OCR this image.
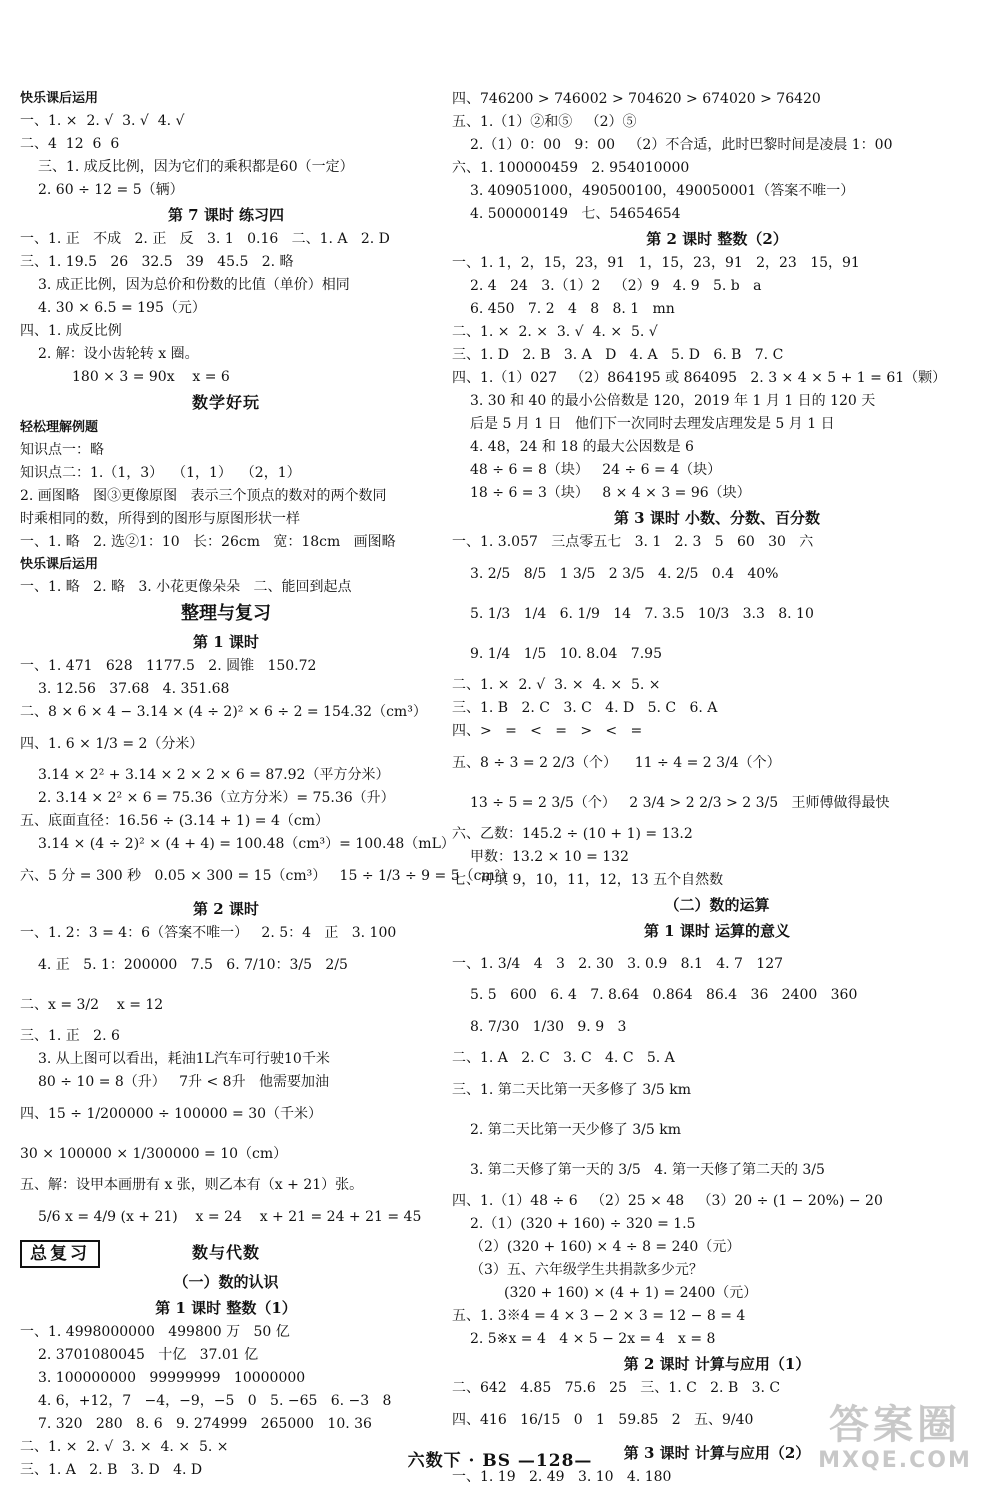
快乐课后运用
一、1. ×  2. √  3. √  4. √
二、4  12  6  6
三、1. 成反比例，因为它们的乘积都是60（一定）
2. 60 ÷ 12 = 5（辆）
第 7 课时 练习四
一、1. 正   不成   2. 正   反   3. 1   0.16   二、1. A   2. D
三、1. 19.5   26   32.5   39   45.5   2. 略
3. 成正比例，因为总价和份数的比值（单价）相同
4. 30 × 6.5 = 195（元）
四、1. 成反比例
2. 解：设小齿轮转 x 圈。
180 × 3 = 90x    x = 6
数学好玩
轻松理解例题
知识点一：略
知识点二：1.（1，3）  （1，1）  （2，1）
2. 画图略   图③更像原图   表示三个顶点的数对的两个数同
时乘相同的数，所得到的图形与原图形状一样
一、1. 略   2. 选②1：10   长：26cm   宽：18cm   画图略
快乐课后运用
一、1. 略   2. 略   3. 小花更像朵朵   二、能回到起点
整理与复习
第 1 课时
一、1. 471   628   1177.5   2. 圆锥   150.72
3. 12.56   37.68   4. 351.68
二、8 × 6 × 4 − 3.14 × (4 ÷ 2)² × 6 ÷ 2 = 154.32（cm³）
四、1. 6 × 1/3 = 2（分米）
3.14 × 2² + 3.14 × 2 × 2 × 6 = 87.92（平方分米）
2. 3.14 × 2² × 6 = 75.36（立方分米）= 75.36（升）
五、底面直径：16.56 ÷ (3.14 + 1) = 4（cm）
3.14 × (4 ÷ 2)² × (4 + 4) = 100.48（cm³）= 100.48（mL）
六、5 分 = 300 秒   0.05 × 300 = 15（cm³）   15 ÷ 1/3 ÷ 9 = 5（cm²）
第 2 课时
一、1. 2：3 = 4：6（答案不唯一）   2. 5：4   正   3. 100
4. 正   5. 1：200000   7.5   6. 7/10：3/5   2/5
二、x = 3/2    x = 12
三、1. 正   2. 6
3. 从上图可以看出，耗油1L汽车可行驶10千米
80 ÷ 10 = 8（升）   7升 < 8升   他需要加油
四、15 ÷ 1/200000 ÷ 100000 = 30（千米）
30 × 100000 × 1/300000 = 10（cm）
五、解：设甲本画册有 x 张，则乙本有（x + 21）张。
5/6 x = 4/9 (x + 21)    x = 24    x + 21 = 24 + 21 = 45
数与代数
总复习
（一）数的认识
第 1 课时 整数（1）
一、1. 4998000000   499800 万   50 亿
2. 3701080045   十亿   37.01 亿
3. 100000000   99999999   10000000
4. 6，+12，7   −4，−9，−5   0   5. −65   6. −3   8
7. 320   280   8. 6   9. 274999   265000   10. 36
二、1. ×  2. √  3. ×  4. ×  5. ×
三、1. A   2. B   3. D   4. D
四、746200 > 746002 > 704620 > 674020 > 76420
五、1.（1）②和⑤   （2）⑤
2.（1）0：00   9：00   （2）不合适，此时巴黎时间是凌晨 1：00
六、1. 100000459   2. 954010000
3. 409051000，490500100，490050001（答案不唯一）
4. 500000149   七、54654654
第 2 课时 整数（2）
一、1. 1，2，15，23，91   1，15，23，91   2，23   15，91
2. 4   24   3.（1）2   （2）9   4. 9   5. b   a
6. 450   7. 2   4   8   8. 1   mn
二、1. ×  2. ×  3. √  4. ×  5. √
三、1. D   2. B   3. A   D   4. A   5. D   6. B   7. C
四、1.（1）027   （2）864195 或 864095   2. 3 × 4 × 5 + 1 = 61（颗）
3. 30 和 40 的最小公倍数是 120，2019 年 1 月 1 日的 120 天
后是 5 月 1 日   他们下一次同时去理发店理发是 5 月 1 日
4. 48，24 和 18 的最大公因数是 6
48 ÷ 6 = 8（块）   24 ÷ 6 = 4（块）
18 ÷ 6 = 3（块）   8 × 4 × 3 = 96（块）
第 3 课时 小数、分数、百分数
一、1. 3.057   三点零五七   3. 1   2. 3   5   60   30   六
3. 2/5   8/5   1 3/5   2 3/5   4. 2/5   0.4   40%
5. 1/3   1/4   6. 1/9   14   7. 3.5   10/3   3.3̇   8. 10
9. 1/4   1/5   10. 8.04   7.95
二、1. ×  2. √  3. ×  4. ×  5. ×
三、1. B   2. C   3. C   4. D   5. C   6. A
四、>   =   <   =   >   <   =
五、8 ÷ 3 = 2 2/3（个）    11 ÷ 4 = 2 3/4（个）
13 ÷ 5 = 2 3/5（个）   2 3/4 > 2 2/3 > 2 3/5   王师傅做得最快
六、乙数：145.2 ÷ (10 + 1) = 13.2
甲数：13.2 × 10 = 132
七、可填 9，10，11，12，13 五个自然数
（二）数的运算
第 1 课时 运算的意义
一、1. 3/4   4   3   2. 30   3. 0.9   8.1   4. 7   127
5. 5   600   6. 4   7. 8.64   0.864   86.4   36   2400   360
8. 7/30   1/30   9. 9   3
二、1. A   2. C   3. C   4. C   5. A
三、1. 第二天比第一天多修了 3/5 km
2. 第二天比第一天少修了 3/5 km
3. 第二天修了第一天的 3/5   4. 第一天修了第二天的 3/5
四、1.（1）48 ÷ 6   （2）25 × 48   （3）20 ÷ (1 − 20%) − 20
2.（1）(320 + 160) ÷ 320 = 1.5
（2）(320 + 160) × 4 ÷ 8 = 240（元）
（3）五、六年级学生共捐款多少元？
(320 + 160) × (4 + 1) = 2400（元）
五、1. 3※4 = 4 × 3 − 2 × 3 = 12 − 8 = 4
2. 5※x = 4   4 × 5 − 2x = 4   x = 8
第 2 课时 计算与应用（1）
二、642   4.85   75.6   25   三、1. C   2. B   3. C
四、416   16/15   0   1   59.85   2   五、9/40
第 3 课时 计算与应用（2）
一、1. 19   2. 49   3. 10   4. 180
六数下 · BS —128—
答案圈
MXQE.COM
